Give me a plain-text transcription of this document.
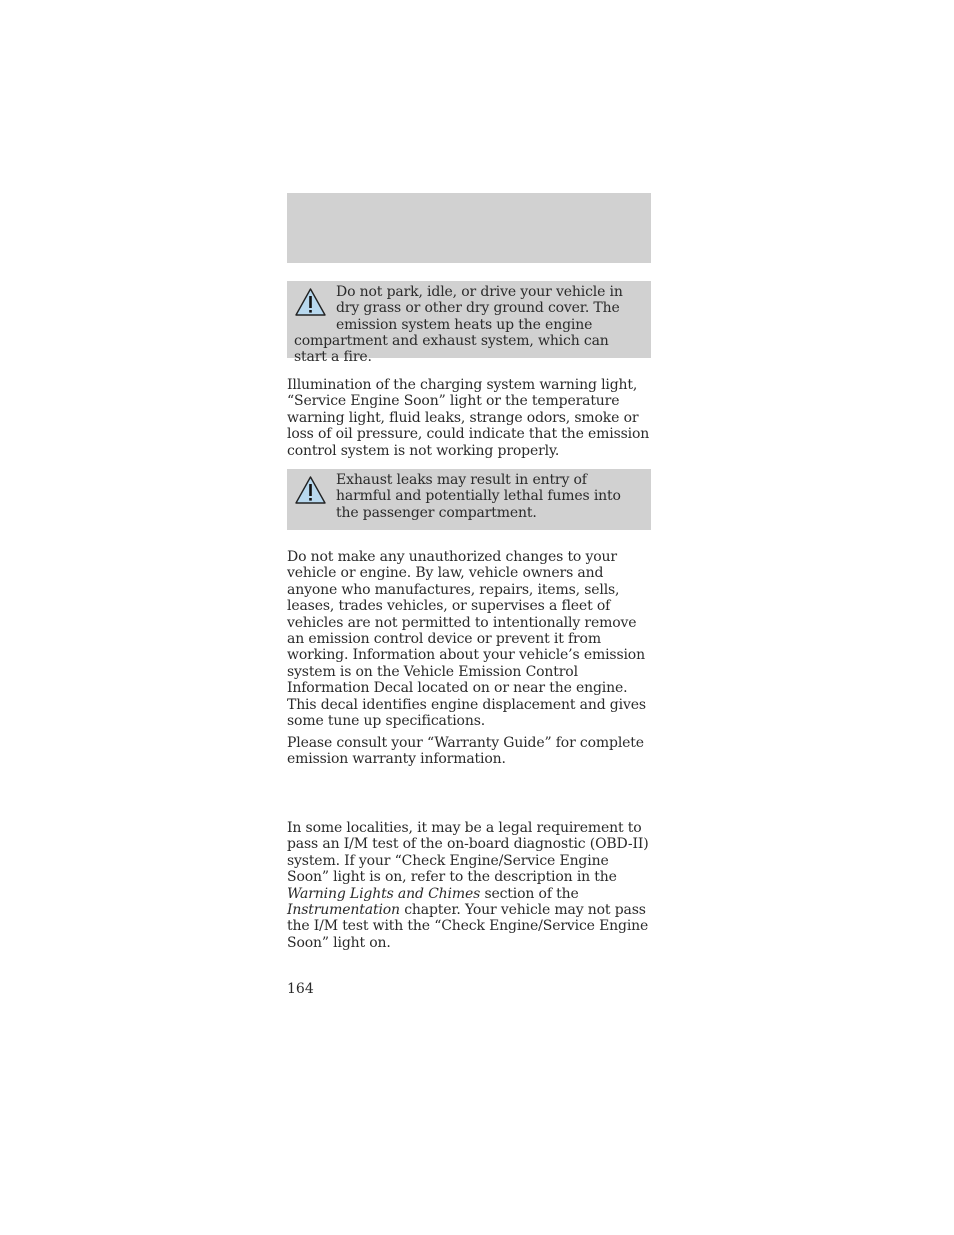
Do not park, idle, or drive your vehicle in dry grass or other dry ground cover. The emission system heats up the engine compartment and exhaust system, which can start a fire.

Illumination of the charging system warning light, “Service Engine Soon” light or the temperature warning light, fluid leaks, strange odors, smoke or loss of oil pressure, could indicate that the emission control system is not working properly.

Exhaust leaks may result in entry of harmful and potentially lethal fumes into the passenger compartment.

Do not make any unauthorized changes to your vehicle or engine. By law, vehicle owners and anyone who manufactures, repairs, items, sells, leases, trades vehicles, or supervises a fleet of vehicles are not permitted to intentionally remove an emission control device or prevent it from working. Information about your vehicle’s emission system is on the Vehicle Emission Control Information Decal located on or near the engine. This decal identifies engine displacement and gives some tune up specifications.

Please consult your “Warranty Guide” for complete emission warranty information.

In some localities, it may be a legal requirement to pass an I/M test of the on-board diagnostic (OBD-II) system. If your “Check Engine/Service Engine Soon” light is on, refer to the description in the Warning Lights and Chimes section of the Instrumentation chapter. Your vehicle may not pass the I/M test with the “Check Engine/Service Engine Soon” light on.

164
